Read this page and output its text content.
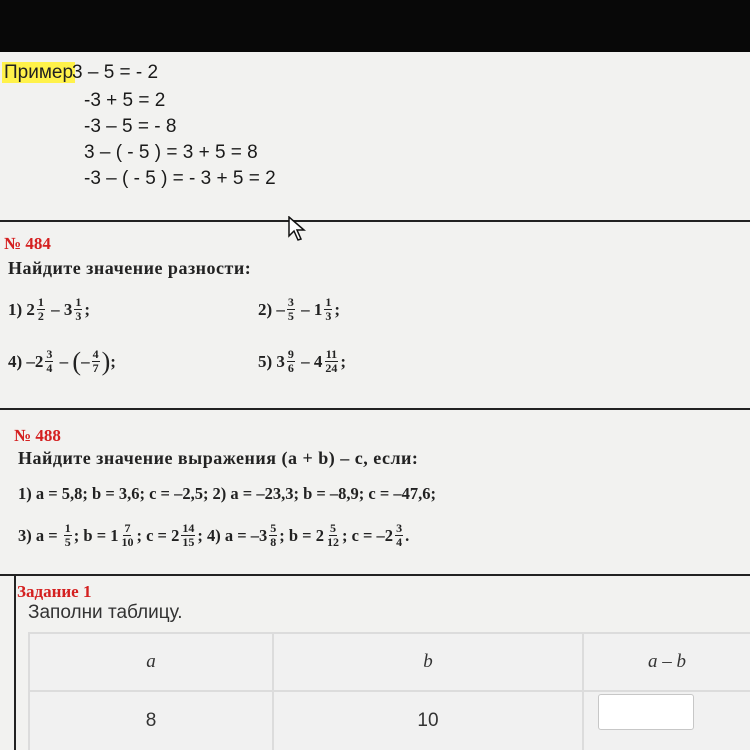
Пример
3 – 5 = - 2
-3 + 5 = 2
-3 – 5 = - 8
3 – ( - 5 ) = 3 + 5 = 8
-3 – ( - 5 ) = - 3 + 5 = 2
№ 484
Найдите значение разности:
1)
$2 \frac{1}{2}$
–
$3 \frac{1}{3}$ ;	2)
– $\frac{3}{5}$
–
$1 \frac{1}{3}$ ;
4)
$-2 \frac{3}{4}$
–
( – $\frac{4}{7}$ ) ;	5)
$3 \frac{9}{6}$
–
$4 \frac{11}{24}$ ;
№ 488
Найдите значение выражения (a + b) – c, если:
1) a = 5,8; b = 3,6; c = –2,5; 2) a = –23,3; b = –8,9; c = –47,6;
3) a =
$\frac{1}{5}$ ; $b = 1 \frac{7}{10}$ ; $c = 2 \frac{14}{15}$ ; 4) $a = -3 \frac{5}{8}$ ; $b = 2 \frac{5}{12}$ ; $c = -2 \frac{3}{4}$ .
Задание 1
Заполни таблицу.
a	b	a – b
8	10
